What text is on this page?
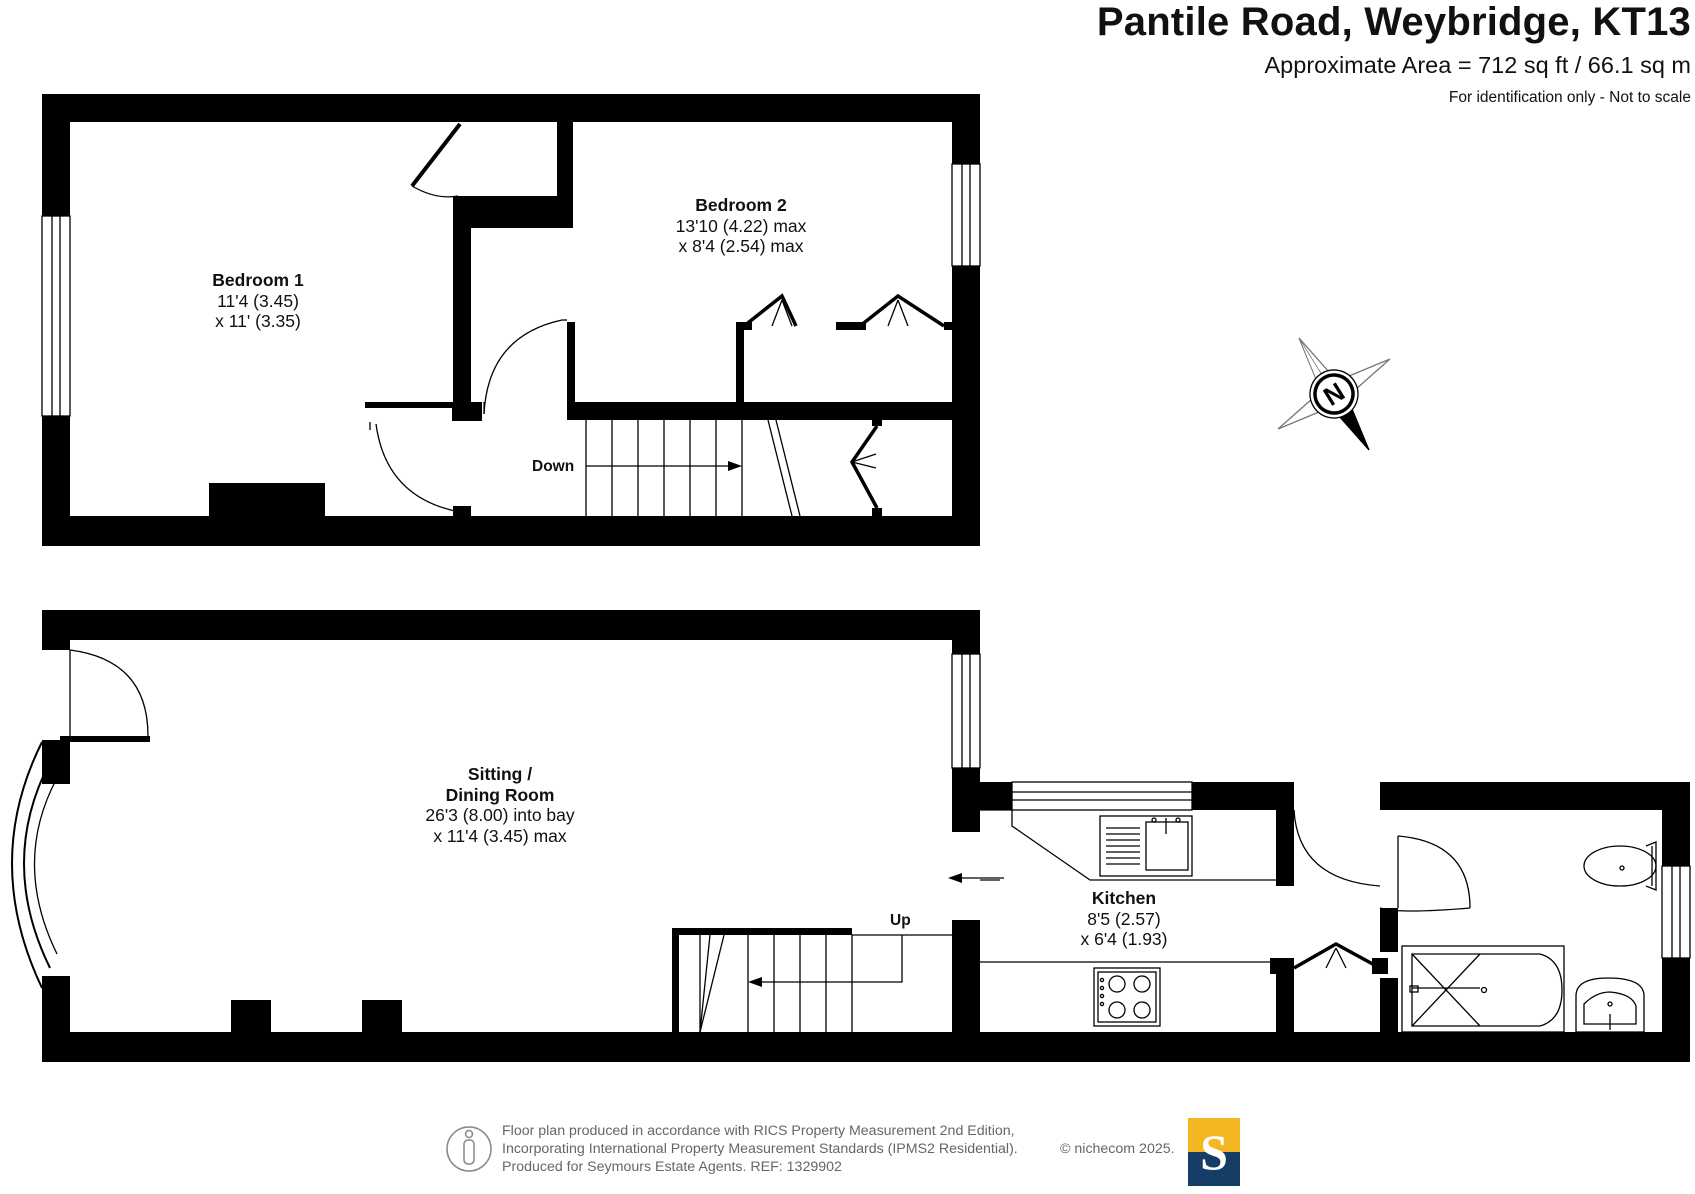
N
Pantile Road, Weybridge, KT13
Approximate Area = 712 sq ft / 66.1 sq m
For identification only - Not to scale
Bedroom 1
11'4 (3.45)
x 11' (3.35)
Bedroom 2
13'10 (4.22) max
x 8'4 (2.54) max
Sitting /
Dining Room
26'3 (8.00) into bay
x 11'4 (3.45) max
Kitchen
8'5 (2.57)
x 6'4 (1.93)
Down
Up
Floor plan produced in accordance with RICS Property Measurement 2nd Edition,
Incorporating International Property Measurement Standards (IPMS2 Residential).
Produced for Seymours Estate Agents. REF: 1329902
© nichecom 2025. S
